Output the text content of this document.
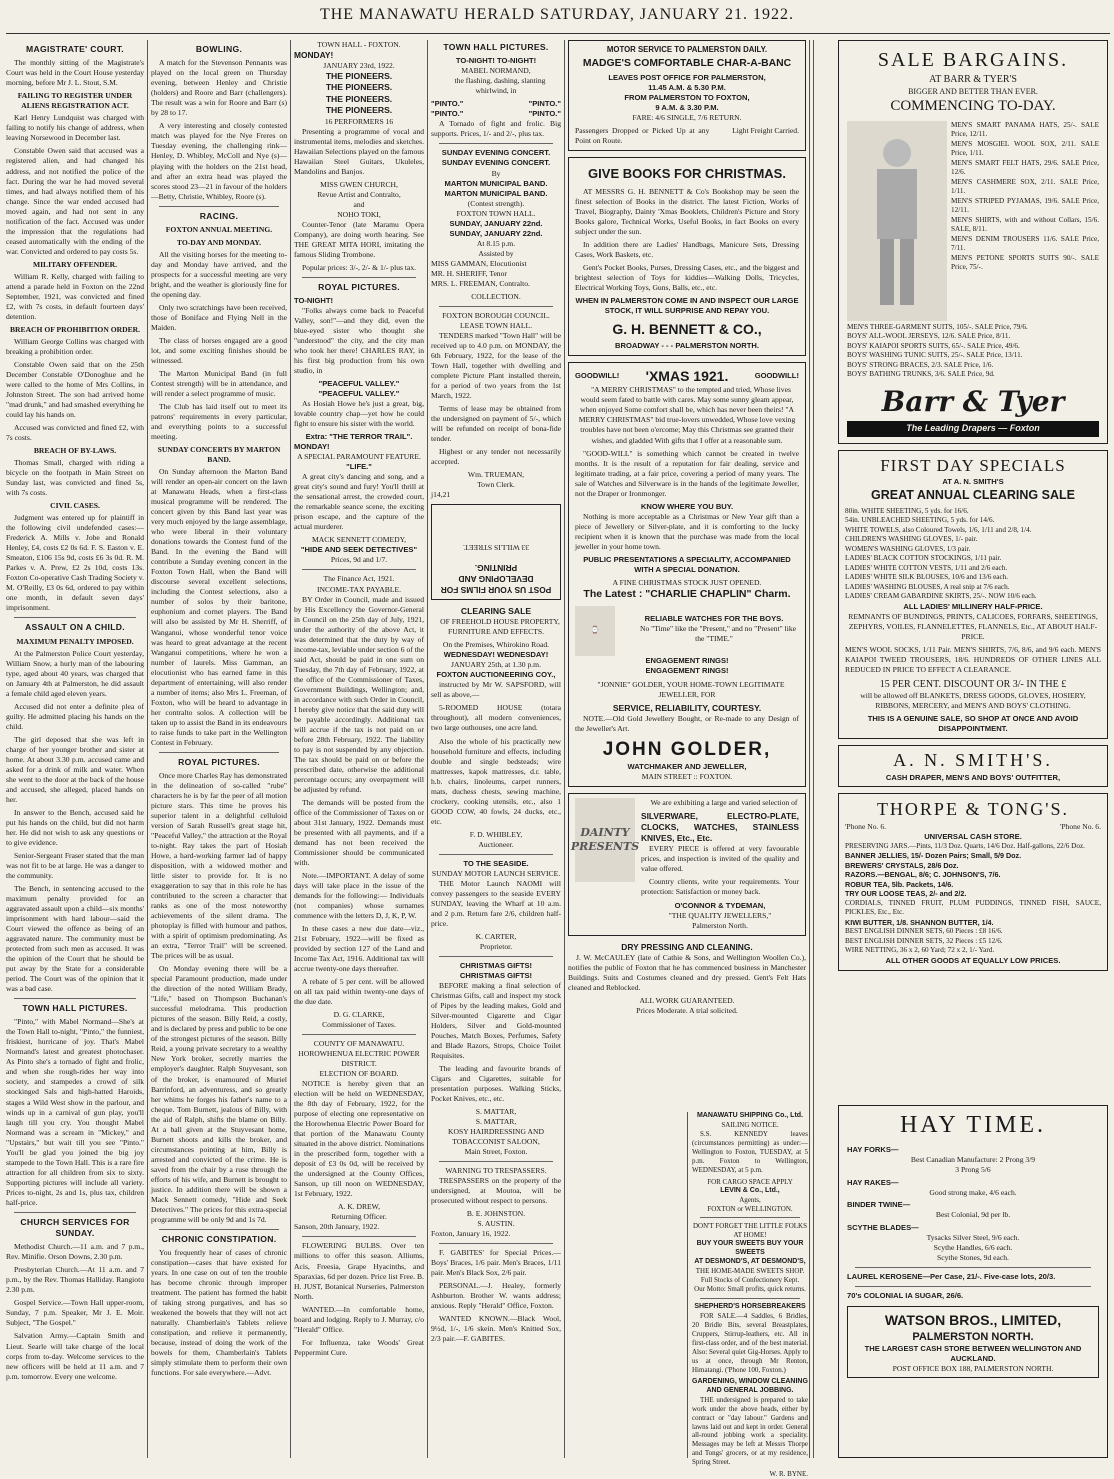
THE MANAWATU HERALD SATURDAY, JANUARY 21. 1922.
MAGISTRATE' COURT.

The monthly sitting of the Magistrate's Court was held in the Court House yesterday morning, before Mr J. L. Stout, S.M.

FAILING TO REGISTER UNDER ALIENS REGISTRATION ACT.

Karl Henry Lundquist was charged with failing to notify his change of address, when leaving Norsewood in December last.

Constable Owen said that accused was a registered alien, and had changed his address, and not notified the police of the fact. During the war he had moved several times, and had always notified them of his change. Since the war ended accused had moved again, and had not sent in any notification of the fact. Accused was under the impression that the regulations had ceased automatically with the ending of the war. Convicted and ordered to pay costs 5s.

MILITARY OFFENDER.

William R. Kelly, charged with failing to attend a parade held in Foxton on the 22nd September, 1921, was convicted and fined £2, with 7s costs, in default fourteen days' detention.

BREACH OF PROHIBITION ORDER.

William George Collins was charged with breaking a prohibition order.

Constable Owen said that on the 25th December Constable O'Donoghue and he were called to the home of Mrs Collins, in Johnston Street. The son had arrived home "mad drunk," and had smashed everything he could lay his hands on.

Accused was convicted and fined £2, with 7s costs.

BREACH OF BY-LAWS.

Thomas Small, charged with riding a bicycle on the footpath in Main Street on Sunday last, was convicted and fined 5s, with 7s costs.

CIVIL CASES.

Judgment was entered up for plaintiff in the following civil undefended cases:—Frederick A. Mills v. Jobe and Ronald Henley, £4, costs £2 0s 6d. F. S. Easton v. E. Smeaton, £106 15s 9d, costs £6 3s 0d. R. M. Parkes v. A. Prew, £2 2s 10d, costs 13s. Foxton Co-operative Cash Trading Society v. M. O'Reilly, £3 0s 6d, ordered to pay within one month, in default seven days' imprisonment.

ASSAULT ON A CHILD.

MAXIMUM PENALTY IMPOSED.

At the Palmerston Police Court yesterday, William Snow, a hurly man of the labouring type, aged about 40 years, was charged that on January 4th at Palmerston, he did assault a female child aged eleven years.

Accused did not enter a definite plea of guilty. He admitted placing his hands on the child.

The girl deposed that she was left in charge of her younger brother and sister at home. At about 3.30 p.m. accused came and asked for a drink of milk and water. When she went to the door at the back of the house and accused, she alleged, placed hands on her.

In answer to the Bench, accused said he put his hands on the child, but did not harm her. He did not wish to ask any questions or to give evidence.

Senior-Sergeant Fraser stated that the man was not fit to be at large. He was a danger to the community.

The Bench, in sentencing accused to the maximum penalty provided for an aggravated assault upon a child—six months' imprisonment with hard labour—said the Court viewed the offence as being of an aggravated nature. The community must be protected from such men as accused. It was the opinion of the Court that he should be put away by the State for a considerable period. The Court was of the opinion that it was a bad case.

TOWN HALL PICTURES.

"Pinto," with Mabel Normand—She's at the Town Hall to-night, "Pinto," the funniest, friskiest, hurricane of joy. That's Mabel Normand's latest and greatest photochaser. As Pinto she's a tornado of fight and frolic, and when she rough-rides her way into society, and stampedes a crowd of silk stockinged Sals and high-hatted Haroids, stages a Wild West show in the parlour, and winds up in a carnival of gun play, you'll laugh till you cry. You thought Mabel Normand was a scream in "Mickey," and "Upstairs," but wait till you see "Pinto." You'll be glad you joined the big joy stampede to the Town Hall. This is a rare fire attraction for all children from six to sixty. Supporting pictures will include all variety. Prices to-night, 2s and 1s, plus tax, children half-price.

CHURCH SERVICES FOR SUNDAY.

Methodist Church.—11 a.m. and 7 p.m., Rev. Minifie. Orson Downs, 2.30 p.m.

Presbyterian Church.—At 11 a.m. and 7 p.m., by the Rev. Thomas Halliday. Rangiotu 2.30 p.m.

Gospel Service.—Town Hall upper-room, Sunday, 7 p.m. Speaker, Mr J. E. Moir. Subject, "The Gospel."

Salvation Army.—Captain Smith and Lieut. Searle will take charge of the local corps from to-day. Welcome services to the new officers will be held at 11 a.m. and 7 p.m. tomorrow. Every one welcome.

BOWLING.

A match for the Stevenson Pennants was played on the local green on Thursday evening, between Henley and Christie (holders) and Roore and Barr (challengers). The result was a win for Roore and Barr (s) by 28 to 17.

A very interesting and closely contested match was played for the Nye Freres on Tuesday evening, the challenging rink—Henley, D. Whibley, McColl and Nye (s)—playing with the holders on the 21st head, and after an extra head was played the scores stood 23—21 in favour of the holders—Betty, Christie, Whibley, Roore (s).

RACING.

FOXTON ANNUAL MEETING.

TO-DAY AND MONDAY.

All the visiting horses for the meeting to-day and Monday have arrived, and the prospects for a successful meeting are very bright, and the weather is gloriously fine for the opening day.

Only two scratchings have been received, those of Boniface and Flying Nell in the Maiden.

The class of horses engaged are a good lot, and some exciting finishes should be witnessed.

The Marton Municipal Band (in full Contest strength) will be in attendance, and will render a select programme of music.

The Club has laid itself out to meet its patrons' requirements in every particular, and everything points to a successful meeting.

SUNDAY CONCERTS BY MARTON BAND.

On Sunday afternoon the Marton Band will render an open-air concert on the lawn at Manawatu Heads, when a first-class musical programme will be rendered. The concert given by this Band last year was very much enjoyed by the large assemblage, who were liberal in their voluntary donations towards the Contest fund of the Band. In the evening the Band will contribute a Sunday evening concert in the Foxton Town Hall, when the Band will discourse several excellent selections, including the Contest selections, also a number of solos by their baritone, euphonium and cornet players. The Band will also be assisted by Mr H. Sherriff, of Wanganui, whose wonderful tenor voice was heard to great advantage at the recent Wanganui competitions, where he won a number of laurels. Miss Gamman, an elocutionist who has earned fame in this department of entertaining, will also render a number of items; also Mrs L. Freeman, of Foxton, who will be heard to advantage in her contralto solos. A collection will be taken up to assist the Band in its endeavours to raise funds to take part in the Wellington Contest in February.

ROYAL PICTURES.

Once more Charles Ray has demonstrated in the delineation of so-called "rube" characters he is by far the peer of all motion picture stars. This time he proves his superior talent in a delightful celluloid version of Sarah Russell's great stage hit, "Peaceful Valley," the attraction at the Royal to-night. Ray takes the part of Hosiah Howe, a hard-working farmer lad of happy disposition, with a widowed mother and little sister to provide for. It is no exaggeration to say that in this role he has contributed to the screen a character that ranks as one of the most noteworthy achievements of the silent drama. The photoplay is filled with humour and pathos, with a spirit of optimism predominating. As an extra, "Terror Trail" will be screened. The prices will be as usual.

On Monday evening there will be a special Paramount production, made under the direction of the noted William Brady, "Life," based on Thompson Buchanan's successful melodrama. This production pictures of the season. Billy Reid, a costly, and is declared by press and public to be one of the strongest pictures of the season. Billy Reid, a young private secretary to a wealthy New York broker, secretly marries the employer's daughter. Ralph Stuyvesant, son of the broker, is enamoured of Muriel Barrinford, an adventuress, and so greatly her whims he forges his father's name to a cheque. Tom Burnett, jealous of Billy, with the aid of Ralph, shifts the blame on Billy. At a ball given at the Stuyvesant home, Burnett shoots and kills the broker, and circumstances pointing at him, Billy is arrested and convicted of the crime. He is saved from the chair by a ruse through the efforts of his wife, and Burnett is brought to justice. In addition there will be shown a Mack Sennett comedy, "Hide and Seek Detectives." The prices for this extra-special programme will be only 9d and 1s 7d.

CHRONIC CONSTIPATION.

You frequently hear of cases of chronic constipation—cases that have existed for years. In one case on out of ten the trouble has become chronic through improper treatment. The patient has formed the habit of taking strong purgatives, and has so weakened the bowels that they will not act naturally. Chamberlain's Tablets relieve constipation, and relieve it permanently, because, instead of doing the work of the bowels for them, Chamberlain's Tablets simply stimulate them to perform their own functions. For sale everywhere.—Advt.

TOWN HALL - FOXTON.
MONDAY!
JANUARY 23rd, 1922.
THE PIONEERS.
THE PIONEERS.
THE PIONEERS.
THE PIONEERS.
16 PERFORMERS 16

Presenting a programme of vocal and instrumental items, melodies and sketches. Hawaiian Selections played on the famous Hawaiian Steel Guitars, Ukuleles, Mandolins and Banjos.

MISS GWEN CHURCH,
Revue Artist and Contralto,
and
NOHO TOKI,

Counter-Tenor (late Maramu Opera Company), are doing worth hearing. See THE GREAT MITA HORI, imitating the famous Sliding Trombone.

Popular prices: 3/-, 2/- & 1/- plus tax.
ROYAL PICTURES.
TO-NIGHT!

"Folks always come back to Peaceful Valley, son!"—and they did, even the blue-eyed sister who thought she "understood" the city, and the city man who took her there! CHARLES RAY, in his first big production from his own studio, in

"PEACEFUL VALLEY."
"PEACEFUL VALLEY."

As Hosiah Howe he's just a great, big, lovable country chap—yet how he could fight to ensure his sister with the world.

Extra: "THE TERROR TRAIL".
MONDAY!
A SPECIAL PARAMOUNT FEATURE.
"LIFE."

A great city's dancing and song, and a great city's sound and fury! You'll thrill at the sensational arrest, the crowded court, the remarkable seance scene, the exciting prison escape, and the capture of the actual murderer.

MACK SENNETT COMEDY,
"HIDE AND SEEK DETECTIVES"
Prices, 9d and 1/7.
The Finance Act, 1921.
INCOME-TAX PAYABLE.

BY Order in Council, made and issued by His Excellency the Governor-General in Council on the 25th day of July, 1921, under the authority of the above Act, it was determined that the duty by way of income-tax, leviable under section 6 of the said Act, should be paid in one sum on Tuesday, the 7th day of February, 1922, at the office of the Commissioner of Taxes, Government Buildings, Wellington; and, in accordance with such Order in Council, I hereby give notice that the said duty will be payable accordingly. Additional tax will accrue if the tax is not paid on or before 28th February, 1922. The liability to pay is not suspended by any objection. The tax should be paid on or before the prescribed date, otherwise the additional percentage occurs; any overpayment will be adjusted by refund.

The demands will be posted from the office of the Commissioner of Taxes on or about 31st January, 1922. Demands must be presented with all payments, and if a demand has not been received the Commissioner should be communicated with.

Note.—IMPORTANT. A delay of some days will take place in the issue of the demands for the following:— Individuals (not companies) whose surnames commence with the letters D, J, K, P, W.

In these cases a new due date—viz., 21st February, 1922—will be fixed as provided by section 127 of the Land and Income Tax Act, 1916. Additional tax will accrue twenty-one days thereafter.

A rebate of 5 per cent. will be allowed on all tax paid within twenty-one days of the due date.

D. G. CLARKE,
Commissioner of Taxes.
COUNTY OF MANAWATU.
HOROWHENUA ELECTRIC POWER DISTRICT.
ELECTION OF BOARD.

NOTICE is hereby given that an election will be held on WEDNESDAY, the 8th day of February, 1922, for the purpose of electing one representative on the Horowhenua Electric Power Board for that portion of the Manawatu County situated in the above district. Nominations in the prescribed form, together with a deposit of £3 0s 0d, will be received by the undersigned at the County Offices, Sanson, up till noon on WEDNESDAY, 1st February, 1922.

A. K. DREW,
Returning Officer.
Sanson, 20th January, 1922.

FLOWERING BULBS. Over ten millions to offer this season. Alliums, Acis, Freesia, Grape Hyacinths, and Sparaxias, 6d per dozen. Price list Free. B. H. JUST, Botanical Nurseries, Palmerston North.

WANTED.—In comfortable home, board and lodging. Reply to J. Murray, c/o "Herald" Office.

For Influenza, take Woods' Great Peppermint Cure.

TOWN HALL PICTURES.
TO-NIGHT! TO-NIGHT!
MABEL NORMAND,

the flashing, dashing, slanting whirlwind, in

"PINTO."	"PINTO."
"PINTO."	"PINTO."

A Tornado of fight and frolic. Big supports. Prices, 1/- and 2/-, plus tax.

SUNDAY EVENING CONCERT.
SUNDAY EVENING CONCERT.
By
MARTON MUNICIPAL BAND.
MARTON MUNICIPAL BAND.
(Contest strength).
FOXTON TOWN HALL.
SUNDAY, JANUARY 22nd.
SUNDAY, JANUARY 22nd.
At 8.15 p.m.
Assisted by
MISS GAMMAN, Elocutionist
MR. H. SHERIFF, Tenor
MRS. L. FREEMAN, Contralto.
COLLECTION.
FOXTON BOROUGH COUNCIL.
LEASE TOWN HALL.

TENDERS marked "Town Hall" will be received up to 4.0 p.m. on MONDAY, the 6th February, 1922, for the lease of the Town Hall, together with dwelling and complete Picture Plant installed therein, for a period of two years from the 1st March, 1922.

Terms of lease may be obtained from the undersigned on payment of 5/-, which will be refunded on receipt of bona-fide tender.

Highest or any tender not necessarily accepted.

Wm. TRUEMAN,
Town Clerk.
j14,21
POST US YOUR FILMS FOR DEVELOPING AND PRINTING.
33 WILLIS STREET.
CLEARING SALE

OF FREEHOLD HOUSE PROPERTY, FURNITURE AND EFFECTS.

On the Premises, Whirokino Road.
WEDNESDAY! WEDNESDAY!
JANUARY 25th, at 1.30 p.m.
FOXTON AUCTIONEERING COY.,

instructed by Mr W. SAPSFORD, will sell as above,—

5-ROOMED HOUSE (totara throughout), all modern conveniences, two large outhouses, one acre land.

Also the whole of his practically new household furniture and effects, including double and single bedsteads; wire mattresses, kapok mattresses, d.r. table, h.b. chairs, linoleums, carpet runners, mats, duchess chests, sewing machine, crockery, cooking utensils, etc., also 1 GOOD COW, 40 fowls, 24 ducks, etc., etc.

F. D. WHIBLEY,
Auctioneer.
TO THE SEASIDE.
SUNDAY MOTOR LAUNCH SERVICE.

THE Motor Launch NAOMI will convey passengers to the seaside EVERY SUNDAY, leaving the Wharf at 10 a.m. and 2 p.m. Return fare 2/6, children half-price.

K. CARTER,
Proprietor.
CHRISTMAS GIFTS!
CHRISTMAS GIFTS!

BEFORE making a final selection of Christmas Gifts, call and inspect my stock of Pipes by the leading makes, Gold and Silver-mounted Cigarette and Cigar Holders, Silver and Gold-mounted Pouches, Match Boxes, Perfumes, Safety and Blade Razors, Strops, Choice Toilet Requisites.

The leading and favourite brands of Cigars and Cigarettes, suitable for presentation purposes. Walking Sticks, Pocket Knives, etc., etc.

S. MATTAR,
S. MATTAR,
KOSY HAIRDRESSING AND TOBACCONIST SALOON,
Main Street, Foxton.
WARNING TO TRESPASSERS.

TRESPASSERS on the property of the undersigned, at Moutoa, will be prosecuted without respect to persons.

B. E. JOHNSTON.
S. AUSTIN.
Foxton, January 16, 1922.

F. GABITES' for Special Prices.—Boys' Braces, 1/6 pair. Men's Braces, 1/11 pair. Men's Black Sox, 2/6 pair.

PERSONAL.—J. Healey, formerly Ashburton. Brother W. wants address; anxious. Reply "Herald" Office, Foxton.

WANTED KNOWN.—Black Wool, 9½d, 1/-, 1/6 skein. Men's Knitted Sox, 2/3 pair.—F. GABITES.

MOTOR SERVICE TO PALMERSTON DAILY.
MADGE'S COMFORTABLE CHAR-A-BANC
LEAVES POST OFFICE FOR PALMERSTON,
11.45 A.M. & 5.30 P.M.
FROM PALMERSTON TO FOXTON,
9 A.M. & 3.30 P.M.
FARE: 4/6 SINGLE, 7/6 RETURN.
Passengers Dropped or Picked Up at any Point on Route.
Light Freight Carried.
GIVE BOOKS FOR CHRISTMAS.

AT MESSRS G. H. BENNETT & Co's Bookshop may be seen the finest selection of Books in the district. The latest Fiction, Works of Travel, Biography, Dainty 'Xmas Booklets, Children's Picture and Story Books galore, Technical Works, Useful Books, in fact Books on every subject under the sun.

In addition there are Ladies' Handbags, Manicure Sets, Dressing Cases, Work Baskets, etc.

Gent's Pocket Books, Purses, Dressing Cases, etc., and the biggest and brightest selection of Toys for kiddies—Walking Dolls, Tricycles, Electrical Working Toys, Guns, Balls, etc., etc.

WHEN IN PALMERSTON COME IN AND INSPECT OUR LARGE STOCK, IT WILL SURPRISE AND REPAY YOU.
G. H. BENNETT & CO.,
BROADWAY - - - PALMERSTON NORTH.
GOODWILL! 'XMAS 1921.	GOODWILL!

"A MERRY CHRISTMAS" to the tempted and tried, Whose lives would seem fated to battle with cares. May some sunny gleam appear, when enjoyed Some comfort shall be, which has never been theirs! "A MERRY CHRISTMAS" bid true-lovers unwedded, Whose love vexing troubles have not been o'ercome; May this Christmas see granted their wishes, and gladded With gifts that I offer at a reasonable sum.

"GOOD-WILL" is something which cannot be created in twelve months. It is the result of a reputation for fair dealing, service and legitimate trading, at a fair price, covering a period of many years. The sale of Watches and Silverware is in the hands of the legitimate Jeweller, not the Draper or Ironmonger.

KNOW WHERE YOU BUY.

Nothing is more acceptable as a Christmas or New Year gift than a piece of Jewellery or Silver-plate, and it is comforting to the lucky recipient when it is known that the purchase was made from the local jeweller in your home town.

PUBLIC PRESENTATIONS A SPECIALITY, ACCOMPANIED WITH A SPECIAL DONATION.
A FINE CHRISTMAS STOCK JUST OPENED.
The Latest : "CHARLIE CHAPLIN" Charm.
⌚
RELIABLE WATCHES FOR THE BOYS.

No "Time" like the "Present," and no "Present" like the "TIME."

ENGAGEMENT RINGS!
ENGAGEMENT RINGS!

"JONNIE" GOLDER, YOUR HOME-TOWN LEGITIMATE JEWELLER, FOR

SERVICE, RELIABILITY, COURTESY.

NOTE.—Old Gold Jewellery Bought, or Re-made to any Design of the Jeweller's Art.

JOHN GOLDER,
WATCHMAKER AND JEWELLER,
MAIN STREET :: FOXTON.
DAINTY PRESENTS

We are exhibiting a large and varied selection of

SILVERWARE, ELECTRO-PLATE, CLOCKS, WATCHES, STAINLESS KNIVES, Etc., Etc.

EVERY PIECE is offered at very favourable prices, and inspection is invited of the quality and value offered.

Country clients, write your requirements. Your protection: Satisfaction or money back.

O'CONNOR & TYDEMAN,
"THE QUALITY JEWELLERS,"
Palmerston North.
DRY PRESSING AND CLEANING.

J. W. McCAULEY (late of Cathie & Sons, and Wellington Woollen Co.), notifies the public of Foxton that he has commenced business in Manchester Buildings. Suits and Costumes cleaned and dry pressed. Gent's Felt Hats cleaned and Reblocked.

ALL WORK GUARANTEED.
Prices Moderate. A trial solicited.
SALE BARGAINS.
AT BARR & TYER'S
BIGGER AND BETTER THAN EVER.
COMMENCING TO-DAY.
MEN'S SMART PANAMA HATS, 25/-. SALE Price, 12/11.
MEN'S MOSGIEL WOOL SOX, 2/11. SALE Price, 1/11.
MEN'S SMART FELT HATS, 29/6. SALE Price, 12/6.
MEN'S CASHMERE SOX, 2/11. SALE Price, 1/11.
MEN'S STRIPED PYJAMAS, 19/6. SALE Price, 12/11.
MEN'S SHIRTS, with and without Collars, 15/6. SALE, 8/11.
MEN'S DENIM TROUSERS 11/6. SALE Price, 7/11.
MEN'S PETONE SPORTS SUITS 90/-. SALE Price, 75/-.
MEN'S THREE-GARMENT SUITS, 105/-. SALE Price, 79/6.
BOYS' ALL-WOOL JERSEYS, 12/6. SALE Price, 8/11.
BOYS' KAIAPOI SPORTS SUITS, 65/-. SALE Price, 49/6.
BOYS' WASHING TUNIC SUITS, 25/-. SALE Price, 13/11.
BOYS' STRONG BRACES, 2/3. SALE Price, 1/6.
BOYS' BATHING TRUNKS, 3/6. SALE Price, 9d.
Barr & Tyer
The Leading Drapers — Foxton
FIRST DAY SPECIALS
AT A. N. SMITH'S
GREAT ANNUAL CLEARING SALE
80in. WHITE SHEETING, 5 yds. for 16/6.
54in. UNBLEACHED SHEETING, 5 yds. for 14/6.
WHITE TOWELS, also Coloured Towels, 1/6, 1/11 and 2/8, 1/4.
CHILDREN'S WASHING GLOVES, 1/- pair.
WOMEN'S WASHING GLOVES, 1/3 pair.
LADIES' BLACK COTTON STOCKINGS, 1/11 pair.
LADIES' WHITE COTTON VESTS, 1/11 and 2/6 each.
LADIES' WHITE SILK BLOUSES, 10/6 and 13/6 each.
LADIES' WASHING BLOUSES, A real snip at 7/6 each.
LADIES' CREAM GABARDINE SKIRTS, 25/-. NOW 10/6 each.
ALL LADIES' MILLINERY HALF-PRICE.

REMNANTS OF BUNDINGS, PRINTS, CALICOES, FORFARS, SHEETINGS, ZEPHYRS, VOILES, FLANNELETTES, FLANNELS, Etc., AT ABOUT HALF-PRICE.

MEN'S WOOL SOCKS, 1/11 Pair. MEN'S SHIRTS, 7/6, 8/6, and 9/6 each. MEN'S KAIAPOI TWEED TROUSERS, 18/6. HUNDREDS OF OTHER LINES ALL REDUCED IN PRICE TO EFFECT A CLEARANCE.

15 PER CENT. DISCOUNT OR 3/- IN THE £

will be allowed off BLANKETS, DRESS GOODS, GLOVES, HOSIERY, RIBBONS, MERCERY, and MEN'S AND BOYS' CLOTHING.

THIS IS A GENUINE SALE, SO SHOP AT ONCE AND AVOID DISAPPOINTMENT.
A. N. SMITH'S.
CASH DRAPER, MEN'S AND BOYS' OUTFITTER,
THORPE & TONG'S.
'Phone No. 6.	'Phone No. 6.
UNIVERSAL CASH STORE.
PRESERVING JARS.—Pints, 11/3 Doz. Quarts, 14/6 Doz. Half-gallons, 22/6 Doz.
BANNER JELLIES, 15/- Dozen Pairs; Small, 5/9 Doz.
BREWERS' CRYSTALS, 28/6 Doz.
RAZORS.—BENGAL, 8/6; C. JOHNSON'S, 7/6.
ROBUR TEA, 5lb. Packets, 14/6.
TRY OUR LOOSE TEAS, 2/- and 2/2.
CORDIALS, TINNED FRUIT, PLUM PUDDINGS, TINNED FISH, SAUCE, PICKLES, Etc., Etc.
KIWI BUTTER, 1/8. SHANNON BUTTER, 1/4.
BEST ENGLISH DINNER SETS, 60 Pieces : £8 16/6.
BEST ENGLISH DINNER SETS, 32 Pieces : £5 12/6.
WIRE NETTING, 36 x 2, 60 Yard; 72 x 2, 1/- Yard.
ALL OTHER GOODS AT EQUALLY LOW PRICES.
HAY TIME.
HAY FORKS—
Best Canadian Manufacture: 2 Prong 3/9
3 Prong 5/6
HAY RAKES—
Good strong make, 4/6 each.
BINDER TWINE—
Best Colonial, 9d per lb.
SCYTHE BLADES—
Tysacks Silver Steel, 9/6 each.
Scythe Handles, 6/6 each.
Scythe Stones, 9d each.
LAUREL KEROSENE—Per Case, 21/-. Five-case lots, 20/3.
70's COLONIAL IA SUGAR, 26/6.
WATSON BROS., LIMITED,
PALMERSTON NORTH.
THE LARGEST CASH STORE BETWEEN WELLINGTON AND AUCKLAND.
POST OFFICE BOX 188, PALMERSTON NORTH.
MANAWATU SHIPPING Co., Ltd.
SAILING NOTICE.

S.S. KENNEDY leaves (circumstances permitting) as under:—Wellington to Foxton, TUESDAY, at 5 p.m. Foxton to Wellington, WEDNESDAY, at 5 p.m.

FOR CARGO SPACE APPLY
LEVIN & Co., Ltd.,
Agents,
FOXTON or WELLINGTON.
DON'T FORGET THE LITTLE FOLKS AT HOME!
BUY YOUR SWEETS BUY YOUR SWEETS
AT DESMOND'S, AT DESMOND'S,
THE HOME-MADE SWEETS SHOP.
Full Stocks of Confectionery Kept.
Our Motto: Small profits, quick returns.
SHEPHERD'S HORSEBREAKERS

FOR SALE.—4 Saddles, 6 Bridles, 20 Bridle Bits, several Breastplates, Cruppers, Stirrup-leathers, etc. All in first-class order, and of the best material. Also: Several quiet Gig-Horses. Apply to us at once, through Mr Renton, Himatangi. ('Phone 100, Foxton.)

GARDENING, WINDOW CLEANING AND GENERAL JOBBING.

THE undersigned is prepared to take work under the above heads, either by contract or "day labour." Gardens and lawns laid out and kept in order. General all-round jobbing work a speciality. Messages may be left at Messrs Thorpe and Tongs' grocers, or at my residence, Spring Street.

W. R. BYNE.
